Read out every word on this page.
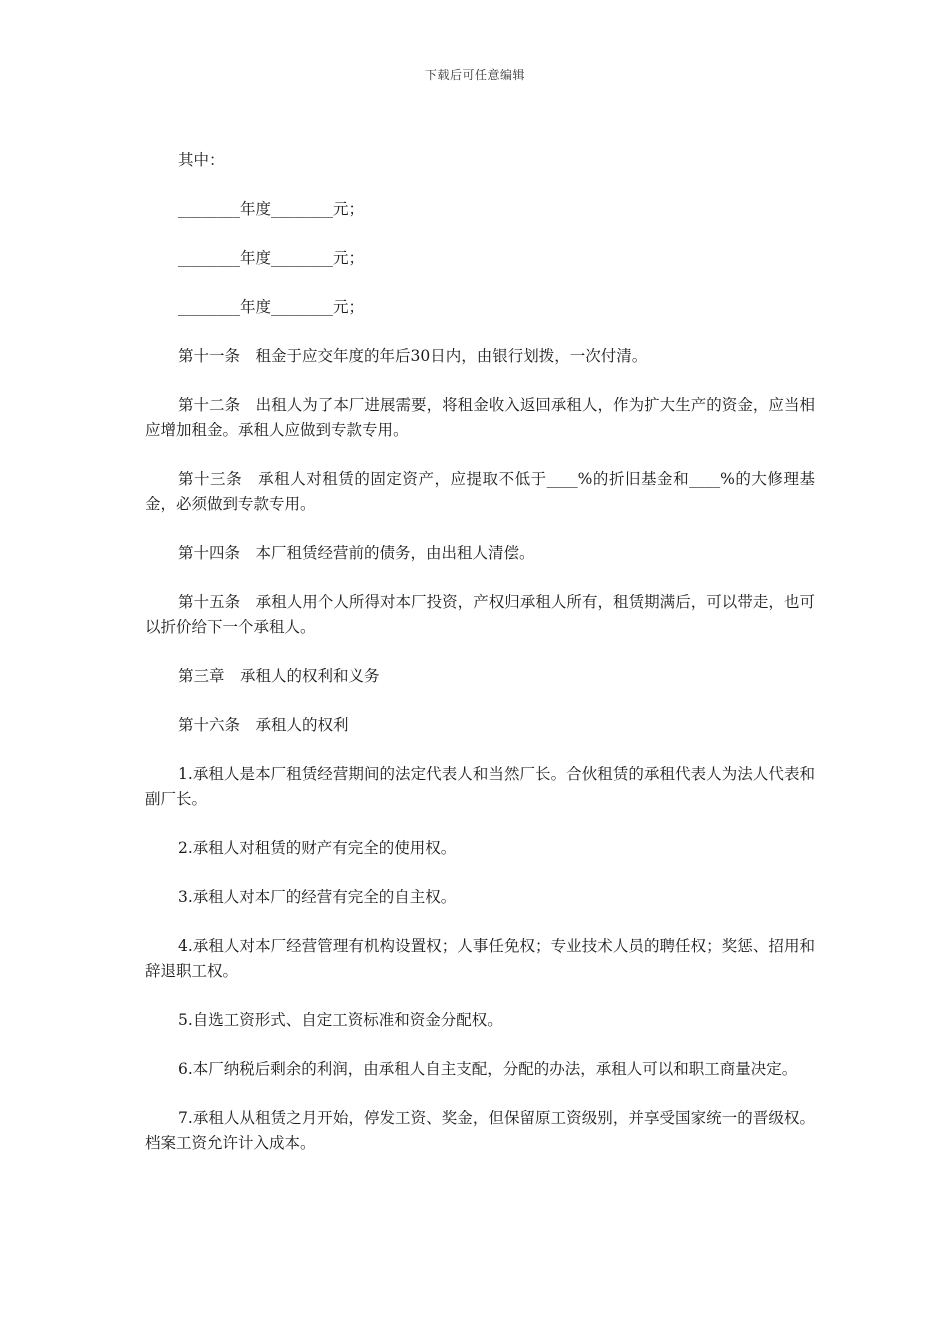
下载后可任意编辑

其中：

________年度________元；

________年度________元；

________年度________元；

第十一条　租金于应交年度的年后30日内，由银行划拨，一次付清。

第十二条　出租人为了本厂进展需要，将租金收入返回承租人，作为扩大生产的资金，应当相应增加租金。承租人应做到专款专用。

第十三条　承租人对租赁的固定资产，应提取不低于____%的折旧基金和____%的大修理基金，必须做到专款专用。

第十四条　本厂租赁经营前的债务，由出租人清偿。

第十五条　承租人用个人所得对本厂投资，产权归承租人所有，租赁期满后，可以带走，也可以折价给下一个承租人。

第三章　承租人的权利和义务

第十六条　承租人的权利

1.承租人是本厂租赁经营期间的法定代表人和当然厂长。合伙租赁的承租代表人为法人代表和副厂长。

2.承租人对租赁的财产有完全的使用权。

3.承租人对本厂的经营有完全的自主权。

4.承租人对本厂经营管理有机构设置权；人事任免权；专业技术人员的聘任权；奖惩、招用和辞退职工权。

5.自选工资形式、自定工资标准和资金分配权。

6.本厂纳税后剩余的利润，由承租人自主支配，分配的办法，承租人可以和职工商量决定。

7.承租人从租赁之月开始，停发工资、奖金，但保留原工资级别，并享受国家统一的晋级权。档案工资允许计入成本。
